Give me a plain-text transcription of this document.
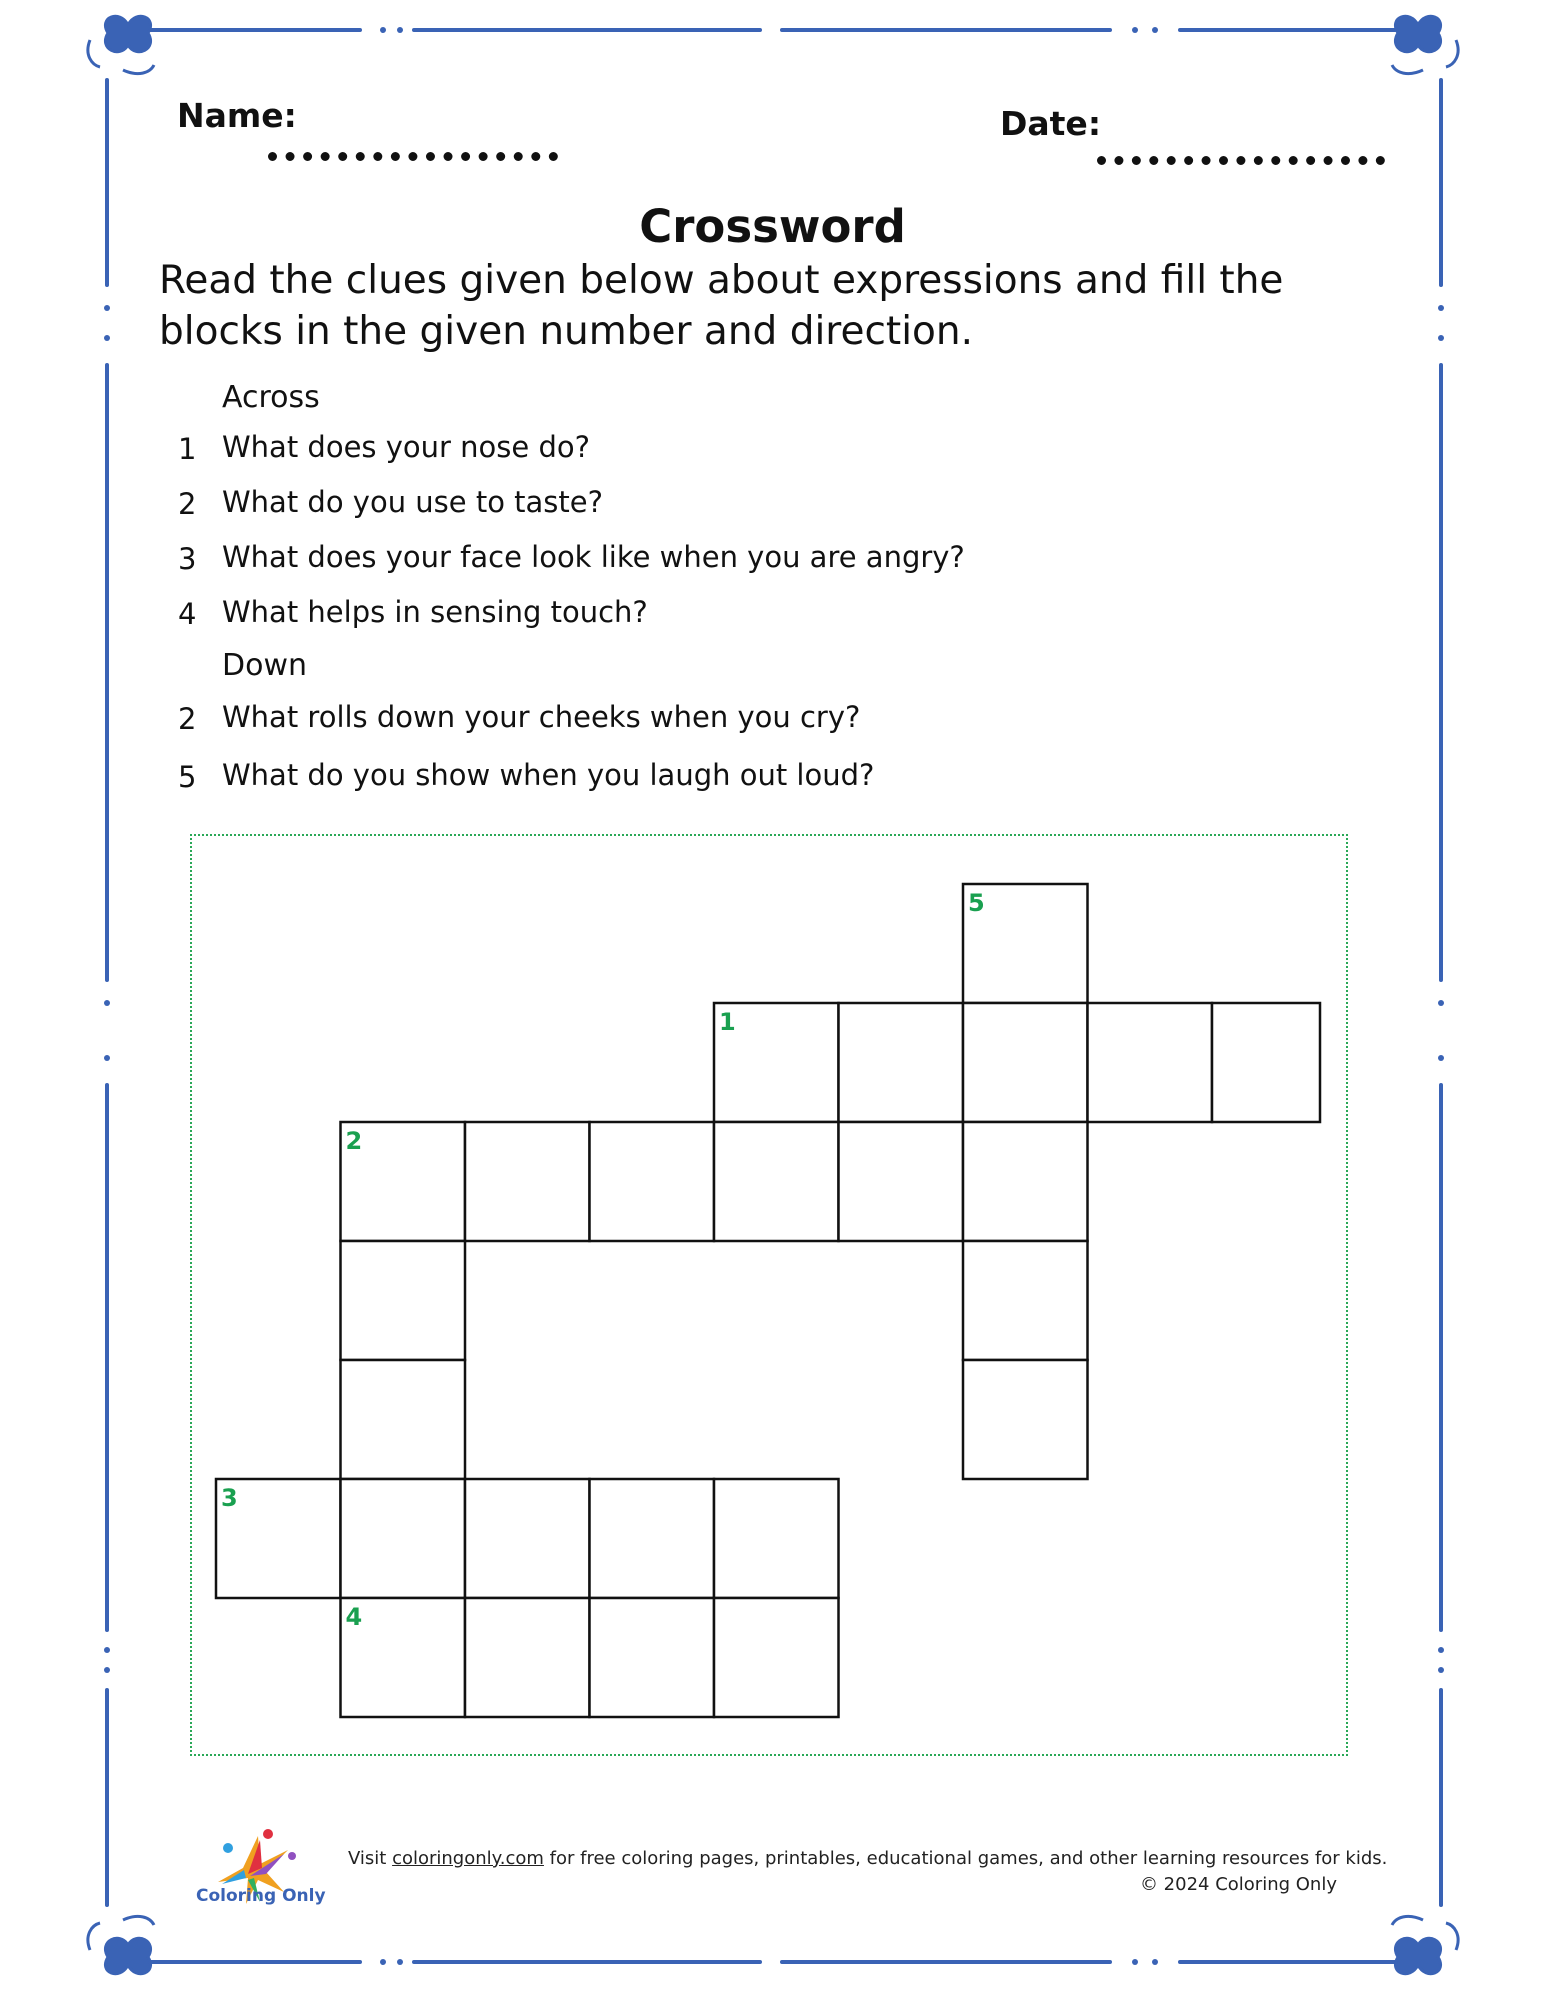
Name:	Date:
Crossword
Read the clues given below about expressions and fill the blocks in the given number and direction.
Across
1 What does your nose do?
2 What do you use to taste?
3 What does your face look like when you are angry?
4 What helps in sensing touch?
Down
2 What rolls down your cheeks when you cry?
5 What do you show when you laugh out loud?
5
1
2
3
4
Coloring Only
Visit coloringonly.com for free coloring pages, printables, educational games, and other learning resources for kids.
© 2024 Coloring Only
